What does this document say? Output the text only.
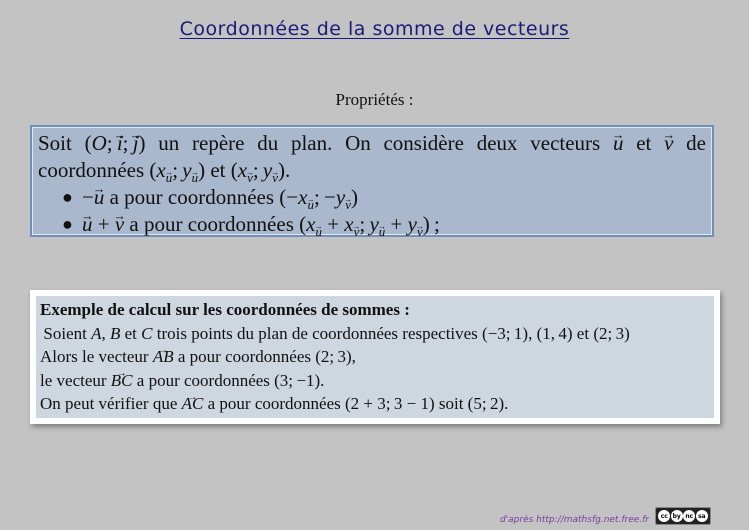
Coordonnées de la somme de vecteurs
Propriétés :
Soit (O; → i; → j) un repère du plan. On considère deux vecteurs → u et → v de
coordonnées ($x_u$; $y_u$) et ($x_v$; $y_v$).
● −→ u a pour coordonnées ($-x_u$; $-y_v$)
● → u + → v a pour coordonnées ($x_u + x_v$; $y_u + y_v$) ;
Exemple de calcul sur les coordonnées de sommes :
 Soient A, B et C trois points du plan de coordonnées respectives (−3; 1), (1, 4) et (2; 3)
Alors le vecteur → AB a pour coordonnées (2; 3),
le vecteur → BC a pour coordonnées (3; −1).
On peut vérifier que → AC a pour coordonnées (2 + 3; 3 − 1) soit (5; 2).
d'après http://mathsfg.net.free.fr	cc by nc sa
